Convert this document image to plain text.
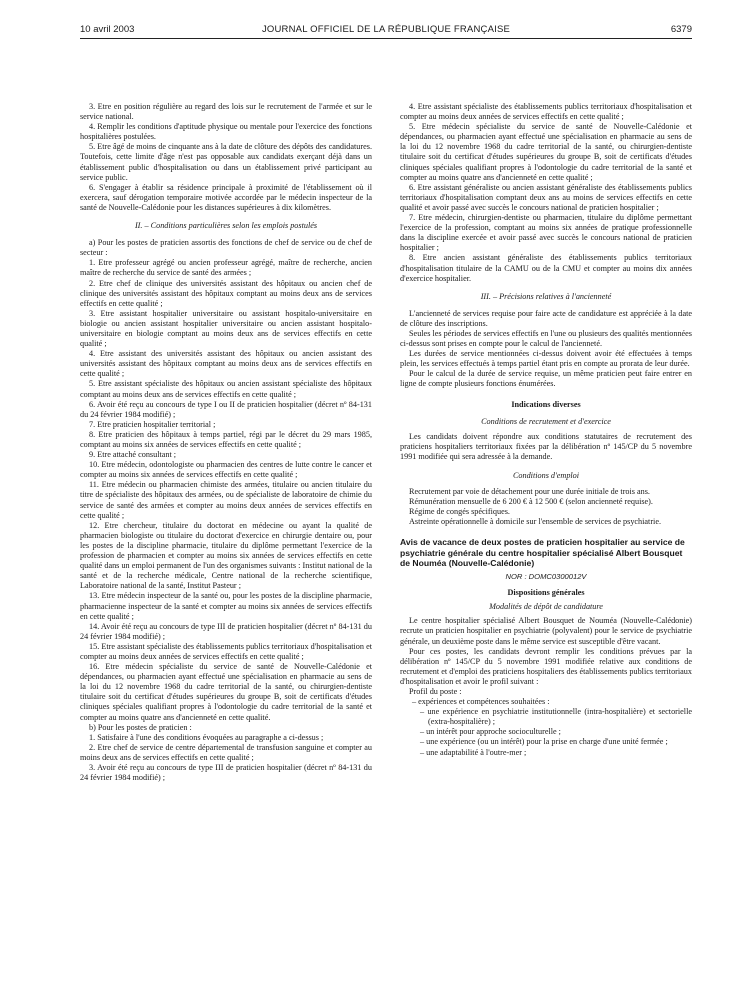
10 avril 2003	JOURNAL OFFICIEL DE LA RÉPUBLIQUE FRANÇAISE	6379

3. Etre en position régulière au regard des lois sur le recrutement de l'armée et sur le service national.

4. Remplir les conditions d'aptitude physique ou mentale pour l'exercice des fonctions hospitalières postulées.

5. Etre âgé de moins de cinquante ans à la date de clôture des dépôts des candidatures. Toutefois, cette limite d'âge n'est pas opposable aux candidats exerçant déjà dans un établissement public d'hospitalisation ou dans un établissement privé participant au service public.

6. S'engager à établir sa résidence principale à proximité de l'établissement où il exercera, sauf dérogation temporaire motivée accordée par le médecin inspecteur de la santé de Nouvelle-Calédonie pour les distances supérieures à dix kilomètres.

II. – Conditions particulières selon les emplois postulés

a) Pour les postes de praticien assortis des fonctions de chef de service ou de chef de secteur :

1. Etre professeur agrégé ou ancien professeur agrégé, maître de recherche, ancien maître de recherche du service de santé des armées ;

2. Etre chef de clinique des universités assistant des hôpitaux ou ancien chef de clinique des universités assistant des hôpitaux comptant au moins deux ans de services effectifs en cette qualité ;

3. Etre assistant hospitalier universitaire ou assistant hospitalo-universitaire en biologie ou ancien assistant hospitalier universitaire ou ancien assistant hospitalo-universitaire en biologie comptant au moins deux ans de services effectifs en cette qualité ;

4. Etre assistant des universités assistant des hôpitaux ou ancien assistant des universités assistant des hôpitaux comptant au moins deux ans de services effectifs en cette qualité ;

5. Etre assistant spécialiste des hôpitaux ou ancien assistant spécialiste des hôpitaux comptant au moins deux ans de services effectifs en cette qualité ;

6. Avoir été reçu au concours de type I ou II de praticien hospitalier (décret nº 84-131 du 24 février 1984 modifié) ;

7. Etre praticien hospitalier territorial ;

8. Etre praticien des hôpitaux à temps partiel, régi par le décret du 29 mars 1985, comptant au moins six années de services effectifs en cette qualité ;

9. Etre attaché consultant ;

10. Etre médecin, odontologiste ou pharmacien des centres de lutte contre le cancer et compter au moins six années de services effectifs en cette qualité ;

11. Etre médecin ou pharmacien chimiste des armées, titulaire ou ancien titulaire du titre de spécialiste des hôpitaux des armées, ou de spécialiste de laboratoire de chimie du service de santé des armées et compter au moins deux années de services effectifs en cette qualité ;

12. Etre chercheur, titulaire du doctorat en médecine ou ayant la qualité de pharmacien biologiste ou titulaire du doctorat d'exercice en chirurgie dentaire ou, pour les postes de la discipline pharmacie, titulaire du diplôme permettant l'exercice de la profession de pharmacien et compter au moins six années de services effectifs en cette qualité dans un emploi permanent de l'un des organismes suivants : Institut national de la santé et de la recherche médicale, Centre national de la recherche scientifique, Laboratoire national de la santé, Institut Pasteur ;

13. Etre médecin inspecteur de la santé ou, pour les postes de la discipline pharmacie, pharmacienne inspecteur de la santé et compter au moins six années de services effectifs en cette qualité ;

14. Avoir été reçu au concours de type III de praticien hospitalier (décret nº 84-131 du 24 février 1984 modifié) ;

15. Etre assistant spécialiste des établissements publics territoriaux d'hospitalisation et compter au moins deux années de services effectifs en cette qualité ;

16. Etre médecin spécialiste du service de santé de Nouvelle-Calédonie et dépendances, ou pharmacien ayant effectué une spécialisation en pharmacie au sens de la loi du 12 novembre 1968 du cadre territorial de la santé, ou chirurgien-dentiste titulaire soit du certificat d'études supérieures du groupe B, soit de certificats d'études cliniques spéciales qualifiant propres à l'odontologie du cadre territorial de la santé et compter au moins quatre ans d'ancienneté en cette qualité.

b) Pour les postes de praticien :

1. Satisfaire à l'une des conditions évoquées au paragraphe a ci-dessus ;

2. Etre chef de service de centre départemental de transfusion sanguine et compter au moins deux ans de services effectifs en cette qualité ;

3. Avoir été reçu au concours de type III de praticien hospitalier (décret nº 84-131 du 24 février 1984 modifié) ;

4. Etre assistant spécialiste des établissements publics territoriaux d'hospitalisation et compter au moins deux années de services effectifs en cette qualité ;

5. Etre médecin spécialiste du service de santé de Nouvelle-Calédonie et dépendances, ou pharmacien ayant effectué une spécialisation en pharmacie au sens de la loi du 12 novembre 1968 du cadre territorial de la santé, ou chirurgien-dentiste titulaire soit du certificat d'études supérieures du groupe B, soit de certificats d'études cliniques spéciales qualifiant propres à l'odontologie du cadre territorial de la santé et compter au moins quatre ans d'ancienneté en cette qualité ;

6. Etre assistant généraliste ou ancien assistant généraliste des établissements publics territoriaux d'hospitalisation comptant deux ans au moins de services effectifs en cette qualité et avoir passé avec succès le concours national de praticien hospitalier ;

7. Etre médecin, chirurgien-dentiste ou pharmacien, titulaire du diplôme permettant l'exercice de la profession, comptant au moins six années de pratique professionnelle dans la discipline exercée et avoir passé avec succès le concours national de praticien hospitalier ;

8. Etre ancien assistant généraliste des établissements publics territoriaux d'hospitalisation titulaire de la CAMU ou de la CMU et compter au moins dix années d'exercice hospitalier.

III. – Précisions relatives à l'ancienneté

L'ancienneté de services requise pour faire acte de candidature est appréciée à la date de clôture des inscriptions.

Seules les périodes de services effectifs en l'une ou plusieurs des qualités mentionnées ci-dessus sont prises en compte pour le calcul de l'ancienneté.

Les durées de service mentionnées ci-dessus doivent avoir été effectuées à temps plein, les services effectués à temps partiel étant pris en compte au prorata de leur durée.

Pour le calcul de la durée de service requise, un même praticien peut faire entrer en ligne de compte plusieurs fonctions énumérées.

Indications diverses

Conditions de recrutement et d'exercice

Les candidats doivent répondre aux conditions statutaires de recrutement des praticiens hospitaliers territoriaux fixées par la délibération nº 145/CP du 5 novembre 1991 modifiée qui sera adressée à la demande.

Conditions d'emploi

Recrutement par voie de détachement pour une durée initiale de trois ans.

Rémunération mensuelle de 6 200 € à 12 500 € (selon ancienneté requise).

Régime de congés spécifiques.

Astreinte opérationnelle à domicile sur l'ensemble de services de psychiatrie.

Avis de vacance de deux postes de praticien hospitalier au service de psychiatrie générale du centre hospitalier spécialisé Albert Bousquet de Nouméa (Nouvelle-Calédonie)

NOR : DOMC0300012V

Dispositions générales

Modalités de dépôt de candidature

Le centre hospitalier spécialisé Albert Bousquet de Nouméa (Nouvelle-Calédonie) recrute un praticien hospitalier en psychiatrie (polyvalent) pour le service de psychiatrie générale, un deuxième poste dans le même service est susceptible d'être vacant.

Pour ces postes, les candidats devront remplir les conditions prévues par la délibération nº 145/CP du 5 novembre 1991 modifiée relative aux conditions de recrutement et d'emploi des praticiens hospitaliers des établissements publics territoriaux d'hospitalisation et avoir le profil suivant :

Profil du poste :

– expériences et compétences souhaitées :

– une expérience en psychiatrie institutionnelle (intra-hospitalière) et sectorielle (extra-hospitalière) ;

– un intérêt pour approche socioculturelle ;

– une expérience (ou un intérêt) pour la prise en charge d'une unité fermée ;

– une adaptabilité à l'outre-mer ;
